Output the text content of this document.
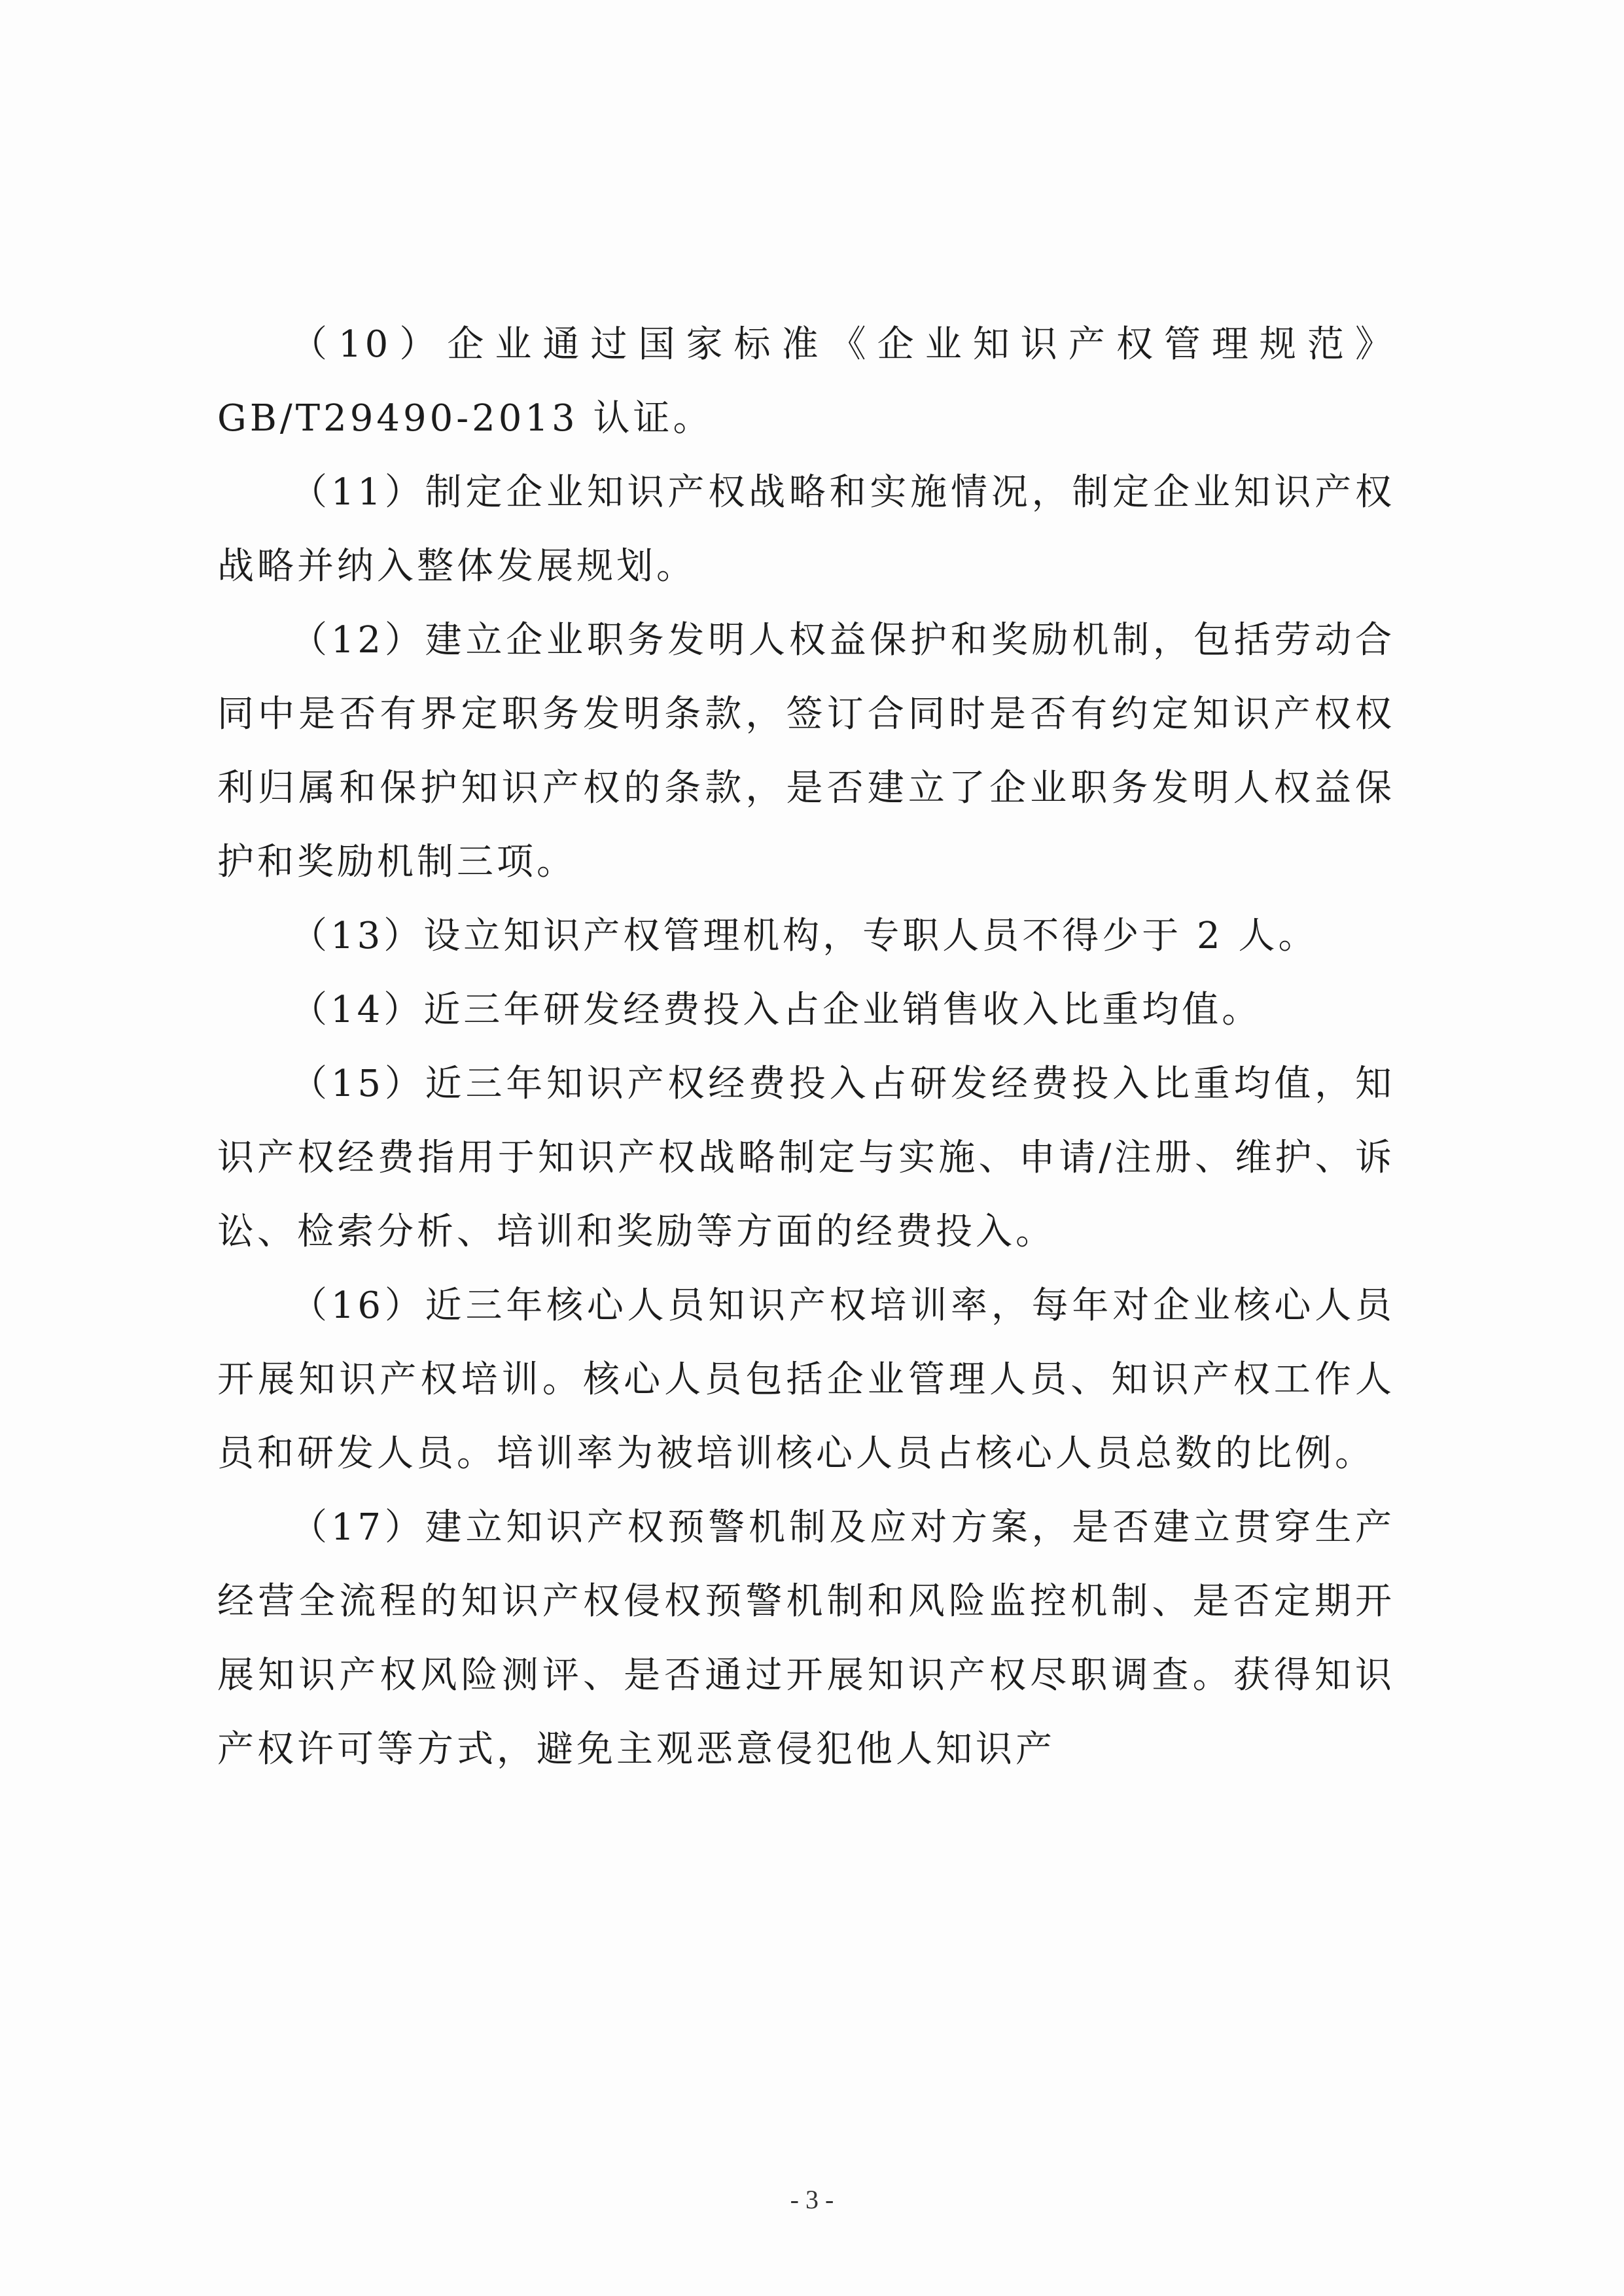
（10）企业通过国家标准《企业知识产权管理规范》GB/T29490-2013 认证。

（11）制定企业知识产权战略和实施情况，制定企业知识产权战略并纳入整体发展规划。

（12）建立企业职务发明人权益保护和奖励机制，包括劳动合同中是否有界定职务发明条款，签订合同时是否有约定知识产权权利归属和保护知识产权的条款，是否建立了企业职务发明人权益保护和奖励机制三项。

（13）设立知识产权管理机构，专职人员不得少于 2 人。

（14）近三年研发经费投入占企业销售收入比重均值。

（15）近三年知识产权经费投入占研发经费投入比重均值，知识产权经费指用于知识产权战略制定与实施、申请/注册、维护、诉讼、检索分析、培训和奖励等方面的经费投入。

（16）近三年核心人员知识产权培训率，每年对企业核心人员开展知识产权培训。核心人员包括企业管理人员、知识产权工作人员和研发人员。培训率为被培训核心人员占核心人员总数的比例。

（17）建立知识产权预警机制及应对方案，是否建立贯穿生产经营全流程的知识产权侵权预警机制和风险监控机制、是否定期开展知识产权风险测评、是否通过开展知识产权尽职调查。获得知识产权许可等方式，避免主观恶意侵犯他人知识产

- 3 -
